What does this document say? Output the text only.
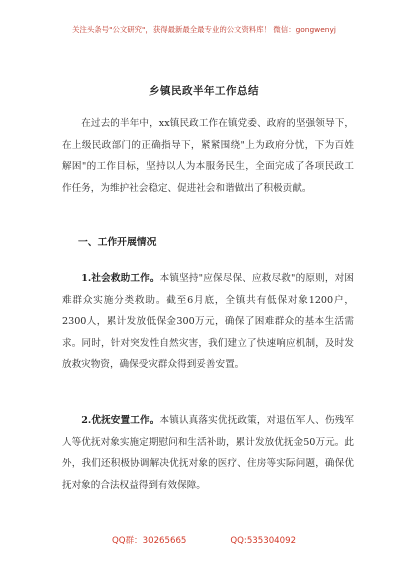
关注头条号"公文研究"，获得最新最全最专业的公文资料库！ 微信：gongwenyj
乡镇民政半年工作总结
在过去的半年中，xx镇民政工作在镇党委、政府的坚强领导下，在上级民政部门的正确指导下，紧紧围绕"上为政府分忧，下为百姓解困"的工作目标，坚持以人为本服务民生，全面完成了各项民政工作任务，为维护社会稳定、促进社会和谐做出了积极贡献。
一、工作开展情况
1.社会救助工作。本镇坚持"应保尽保、应救尽救"的原则，对困难群众实施分类救助。截至6月底，全镇共有低保对象1200户，2300人，累计发放低保金300万元，确保了困难群众的基本生活需求。同时，针对突发性自然灾害，我们建立了快速响应机制，及时发放救灾物资，确保受灾群众得到妥善安置。
2.优抚安置工作。本镇认真落实优抚政策，对退伍军人、伤残军人等优抚对象实施定期慰问和生活补助，累计发放优抚金50万元。此外，我们还积极协调解决优抚对象的医疗、住房等实际问题，确保优抚对象的合法权益得到有效保障。
QQ群：30265665	QQ:535304092
